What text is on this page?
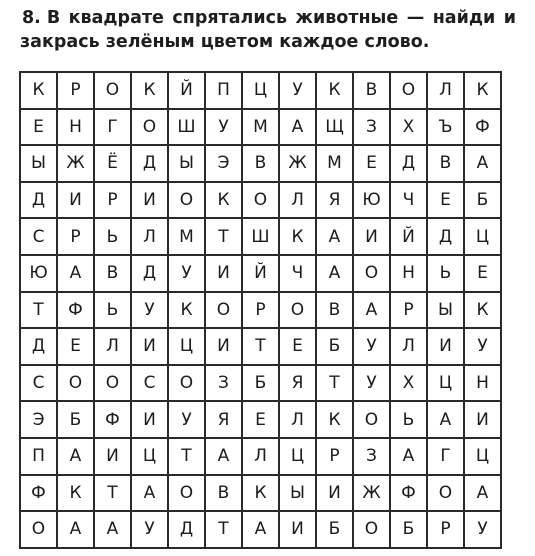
8. В квадрате спрятались животные — найди и закрась зелёным цветом каждое слово.
К	Р	О	К	Й	П	Ц	У	К	В	О	Л	К
Е	Н	Г	О	Ш	У	М	А	Щ	З	Х	Ъ	Ф
Ы	Ж	Ё	Д	Ы	Э	В	Ж	М	Е	Д	В	А
Д	И	Р	И	О	К	О	Л	Я	Ю	Ч	Е	Б
С	Р	Ь	Л	М	Т	Ш	К	А	И	Й	Д	Ц
Ю	А	В	Д	У	И	Й	Ч	А	О	Н	Ь	Е
Т	Ф	Ь	У	К	О	Р	О	В	А	Р	Ы	К
Д	Е	Л	И	Ц	И	Т	Е	Б	У	Л	И	У
С	О	О	С	О	З	Б	Я	Т	У	Х	Ц	Н
Э	Б	Ф	И	У	Я	Е	Л	К	О	Ь	А	И
П	А	И	Ц	Т	А	Л	Ц	Р	З	А	Г	Ц
Ф	К	Т	А	О	В	К	Ы	И	Ж	Ф	О	А
О	А	А	У	Д	Т	А	И	Б	О	Б	Р	У
